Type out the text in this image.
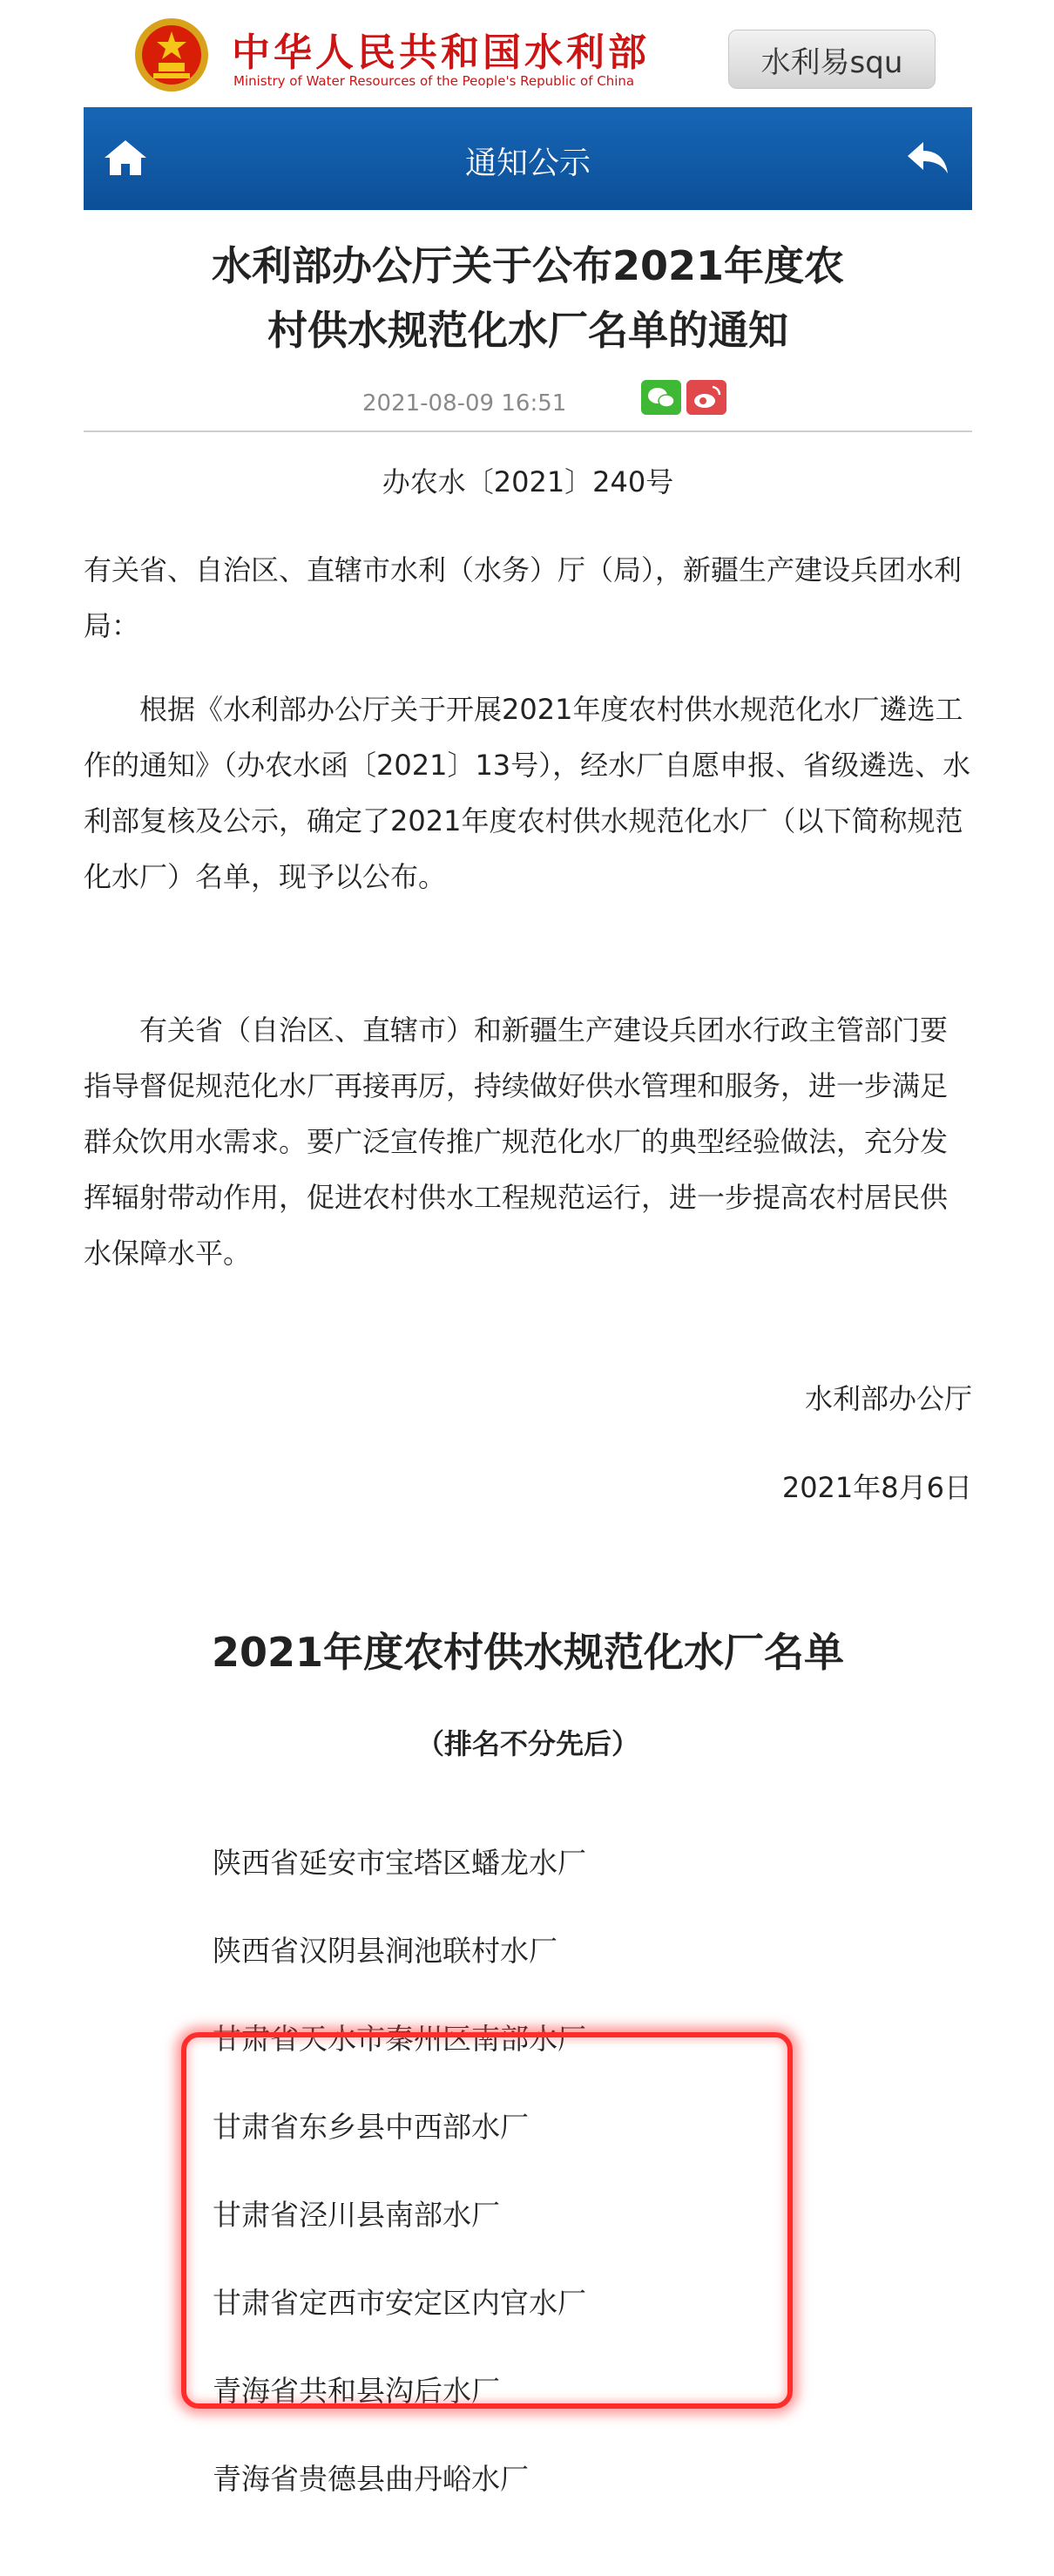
中华人民共和国水利部
Ministry of Water Resources of the People's Republic of China
水利易squ
通知公示
水利部办公厅关于公布2021年度农
村供水规范化水厂名单的通知
2021-08-09 16:51
办农水〔2021〕240号
有关省、自治区、直辖市水利（水务）厅（局），新疆生产建设兵团水利局：
根据《水利部办公厅关于开展2021年度农村供水规范化水厂遴选工作的通知》（办农水函〔2021〕13号），经水厂自愿申报、省级遴选、水利部复核及公示，确定了2021年度农村供水规范化水厂（以下简称规范化水厂）名单，现予以公布。
有关省（自治区、直辖市）和新疆生产建设兵团水行政主管部门要指导督促规范化水厂再接再厉，持续做好供水管理和服务，进一步满足群众饮用水需求。要广泛宣传推广规范化水厂的典型经验做法，充分发挥辐射带动作用，促进农村供水工程规范运行，进一步提高农村居民供水保障水平。
水利部办公厅
2021年8月6日
2021年度农村供水规范化水厂名单
（排名不分先后）
陕西省延安市宝塔区蟠龙水厂
陕西省汉阴县涧池联村水厂
甘肃省天水市秦州区南部水厂
甘肃省东乡县中西部水厂
甘肃省泾川县南部水厂
甘肃省定西市安定区内官水厂
青海省共和县沟后水厂
青海省贵德县曲丹峪水厂
